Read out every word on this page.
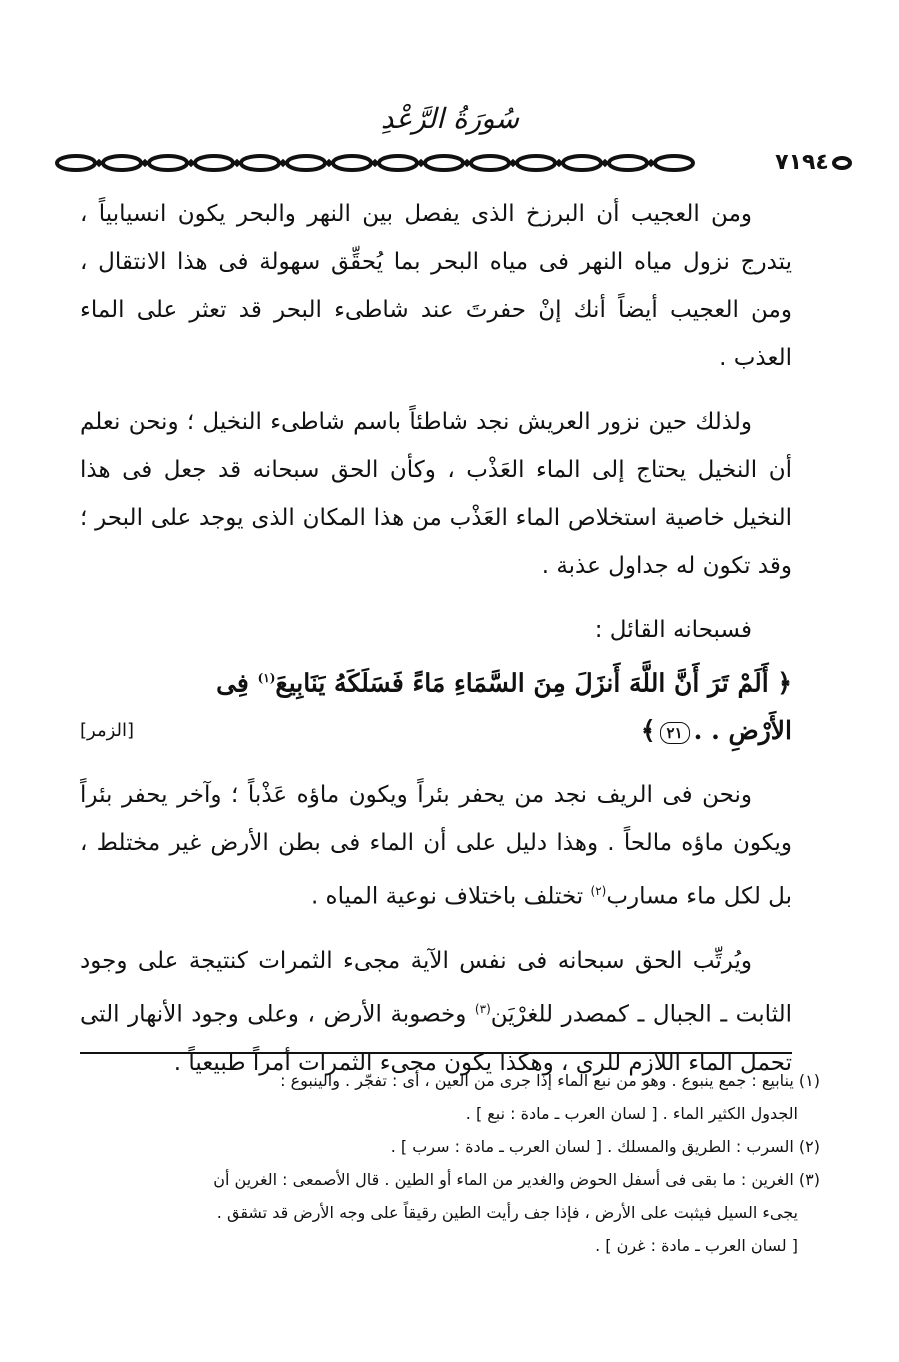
سُورَةُ الرَّعْدِ
٧١٩٤

ومن العجيب أن البرزخ الذى يفصل بين النهر والبحر يكون انسيابياً ، يتدرج نزول مياه النهر فى مياه البحر بما يُحقِّق سهولة فى هذا الانتقال ، ومن العجيب أيضاً أنك إنْ حفرتَ عند شاطىء البحر قد تعثر على الماء العذب .

ولذلك حين نزور العريش نجد شاطئاً باسم شاطىء النخيل ؛ ونحن نعلم أن النخيل يحتاج إلى الماء العَذْب ، وكأن الحق سبحانه قد جعل فى هذا النخيل خاصية استخلاص الماء العَذْب من هذا المكان الذى يوجد على البحر ؛ وقد تكون له جداول عذبة .

فسبحانه القائل :

﴿ أَلَمْ تَرَ أَنَّ اللَّهَ أَنزَلَ مِنَ السَّمَاءِ مَاءً فَسَلَكَهُ يَنَابِيعَ$^{(١)}$ فِى

الأَرْضِ . .٢١﴾
[الزمر]

ونحن فى الريف نجد من يحفر بئراً ويكون ماؤه عَذْباً ؛ وآخر يحفر بئراً ويكون ماؤه مالحاً . وهذا دليل على أن الماء فى بطن الأرض غير مختلط ، بل لكل ماء مسارب$^{(٢)}$ تختلف باختلاف نوعية المياه .

ويُرتِّب الحق سبحانه فى نفس الآية مجىء الثمرات كنتيجة على وجود الثابت ـ الجبال ـ كمصدر للغرْيَن$^{(٣)}$ وخصوبة الأرض ، وعلى وجود الأنهار التى تحمل الماء اللازم للرى ، وهكذا يكون مجىء الثمرات أمراً طبيعياً .

(١) ينابيع : جمع ينبوع . وهو من نبع الماء إذا جرى من العين ، أى : تفجّر . والينبوع :

الجدول الكثير الماء . [ لسان العرب ـ مادة : نبع ] .

(٢) السرب : الطريق والمسلك . [ لسان العرب ـ مادة : سرب ] .

(٣) الغرين : ما بقى فى أسفل الحوض والغدير من الماء أو الطين . قال الأصمعى : الغرين أن

يجىء السيل فيثبت على الأرض ، فإذا جف رأيت الطين رقيقاً على وجه الأرض قد تشقق .

[ لسان العرب ـ مادة : غرن ] .
